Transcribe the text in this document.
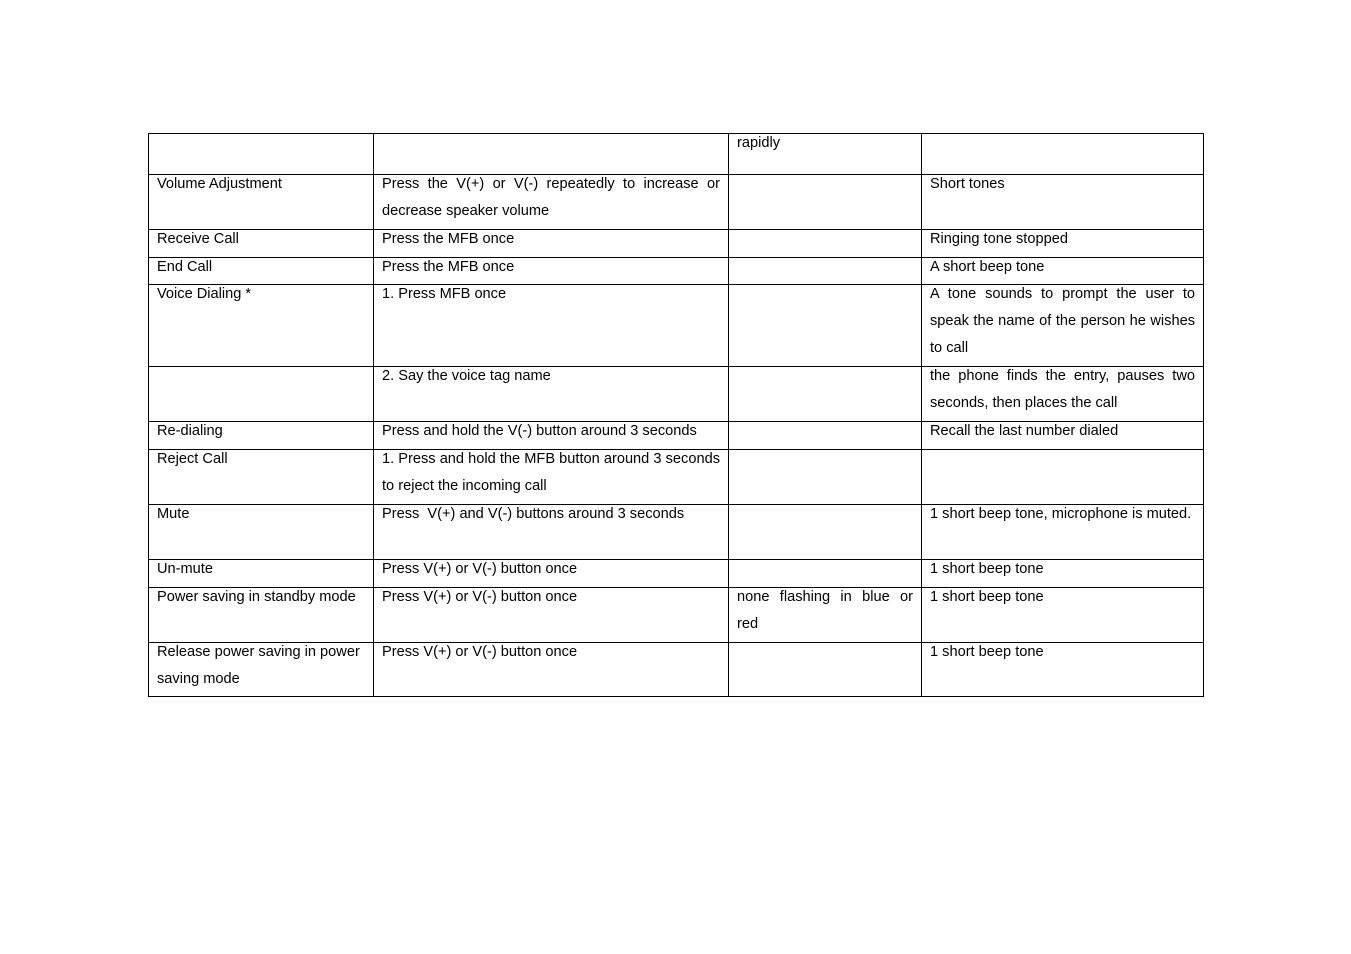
		rapidly	

Volume Adjustment	Press the V(+) or V(-) repeatedly to increase or decrease speaker volume		Short tones

Receive Call	Press the MFB once		Ringing tone stopped

End Call	Press the MFB once		A short beep tone

Voice Dialing *	1. Press MFB once		A tone sounds to prompt the user to speak the name of the person he wishes to call

	2. Say the voice tag name		the phone finds the entry, pauses two seconds, then places the call

Re-dialing	Press and hold the V(-) button around 3 seconds		Recall the last number dialed

Reject Call	1. Press and hold the MFB button around 3 seconds to reject the incoming call		

Mute	Press  V(+) and V(-) buttons around 3 seconds		1 short beep tone, microphone is muted.

Un-mute	Press V(+) or V(-) button once		1 short beep tone

Power saving in standby mode	Press V(+) or V(-) button once	none flashing in blue or red	1 short beep tone

Release power saving in power saving mode	Press V(+) or V(-) button once		1 short beep tone
